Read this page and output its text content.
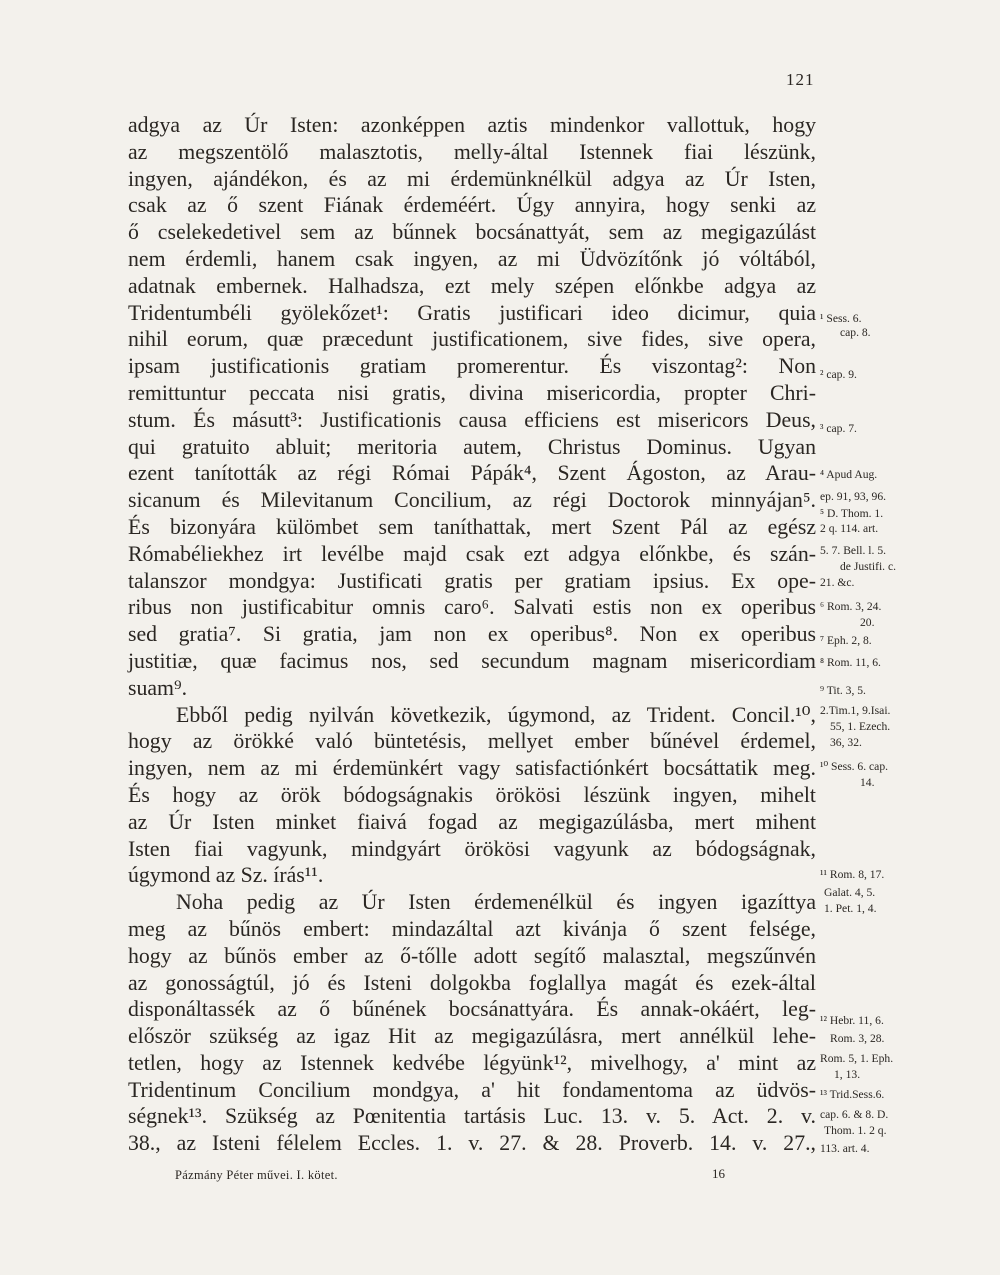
121
adgya az Úr Isten: azonképpen aztis mindenkor vallottuk, hogy
az megszentölő malasztotis, melly-által Istennek fiai lészünk,
ingyen, ajándékon, és az mi érdemünknélkül adgya az Úr Isten,
csak az ő szent Fiának érdeméért. Úgy annyira, hogy senki az
ő cselekedetivel sem az bűnnek bocsánattyát, sem az megigazúlást
nem érdemli, hanem csak ingyen, az mi Üdvözítőnk jó vóltából,
adatnak embernek. Halhadsza, ezt mely szépen előnkbe adgya az
Tridentumbéli gyölekőzet¹: Gratis justificari ideo dicimur, quia
nihil eorum, quæ præcedunt justificationem, sive fides, sive opera,
ipsam justificationis gratiam promerentur. És viszontag²: Non
remittuntur peccata nisi gratis, divina misericordia, propter Chri-
stum. És másutt³: Justificationis causa efficiens est misericors Deus,
qui gratuito abluit; meritoria autem, Christus Dominus. Ugyan
ezent tanították az régi Római Pápák⁴, Szent Ágoston, az Arau-
sicanum és Milevitanum Concilium, az régi Doctorok minnyájan⁵.
És bizonyára külömbet sem taníthattak, mert Szent Pál az egész
Rómabéliekhez irt levélbe majd csak ezt adgya előnkbe, és szán-
talanszor mondgya: Justificati gratis per gratiam ipsius. Ex ope-
ribus non justificabitur omnis caro⁶. Salvati estis non ex operibus
sed gratia⁷. Si gratia, jam non ex operibus⁸. Non ex operibus
justitiæ, quæ facimus nos, sed secundum magnam misericordiam
suam⁹.
Ebből pedig nyilván következik, úgymond, az Trident. Concil.¹⁰,
hogy az örökké való büntetésis, mellyet ember bűnével érdemel,
ingyen, nem az mi érdemünkért vagy satisfactiónkért bocsáttatik meg.
És hogy az örök bódogságnakis örökösi lészünk ingyen, mihelt
az Úr Isten minket fiaivá fogad az megigazúlásba, mert mihent
Isten fiai vagyunk, mindgyárt örökösi vagyunk az bódogságnak,
úgymond az Sz. írás¹¹.
Noha pedig az Úr Isten érdemenélkül és ingyen igazíttya
meg az bűnös embert: mindazáltal azt kivánja ő szent felsége,
hogy az bűnös ember az ő-tőlle adott segítő malasztal, megszűnvén
az gonosságtúl, jó és Isteni dolgokba foglallya magát és ezek-által
disponáltassék az ő bűnének bocsánattyára. És annak-okáért, leg-
először szükség az igaz Hit az megigazúlásra, mert annélkül lehe-
tetlen, hogy az Istennek kedvébe légyünk¹², mivelhogy, a' mint az
Tridentinum Concilium mondgya, a' hit fondamentoma az üdvös-
ségnek¹³. Szükség az Pœnitentia tartásis Luc. 13. v. 5. Act. 2. v.
38., az Isteni félelem Eccles. 1. v. 27. & 28. Proverb. 14. v. 27.,
¹ Sess. 6.
cap. 8.
² cap. 9.
³ cap. 7.
⁴ Apud Aug.
ep. 91, 93, 96.
⁵ D. Thom. 1.
2 q. 114. art.
5. 7. Bell. l. 5.
de Justifi. c.
21. &c.
⁶ Rom. 3, 24.
20.
⁷ Eph. 2, 8.
⁸ Rom. 11, 6.
⁹ Tit. 3, 5.
2.Tim.1, 9.Isai.
55, 1. Ezech.
36, 32.
¹⁰ Sess. 6. cap.
14.
¹¹ Rom. 8, 17.
Galat. 4, 5.
1. Pet. 1, 4.
¹² Hebr. 11, 6.
Rom. 3, 28.
Rom. 5, 1. Eph.
1, 13.
¹³ Trid.Sess.6.
cap. 6. & 8. D.
Thom. 1. 2 q.
113. art. 4.
Pázmány Péter művei. I. kötet.	16
